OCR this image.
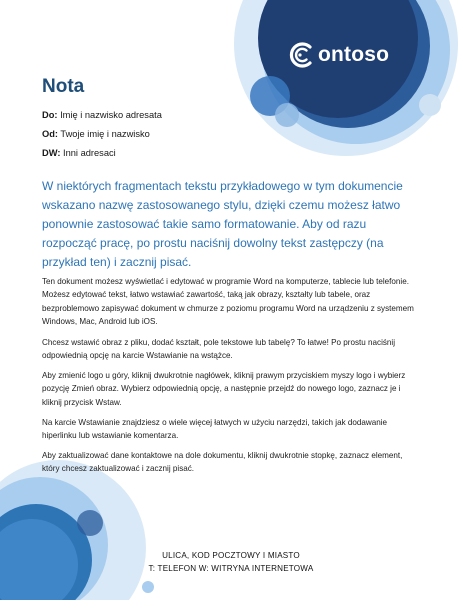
ontoso
Nota
Do: Imię i nazwisko adresata
Od: Twoje imię i nazwisko
DW: Inni adresaci

W niektórych fragmentach tekstu przykładowego w tym dokumencie wskazano nazwę zastosowanego stylu, dzięki czemu możesz łatwo ponownie zastosować takie samo formatowanie. Aby od razu rozpocząć pracę, po prostu naciśnij dowolny tekst zastępczy (na przykład ten) i zacznij pisać.

Ten dokument możesz wyświetlać i edytować w programie Word na komputerze, tablecie lub telefonie. Możesz edytować tekst, łatwo wstawiać zawartość, taką jak obrazy, kształty lub tabele, oraz bezproblemowo zapisywać dokument w chmurze z poziomu programu Word na urządzeniu z systemem Windows, Mac, Android lub iOS.

Chcesz wstawić obraz z pliku, dodać kształt, pole tekstowe lub tabelę? To łatwe! Po prostu naciśnij odpowiednią opcję na karcie Wstawianie na wstążce.

Aby zmienić logo u góry, kliknij dwukrotnie nagłówek, kliknij prawym przyciskiem myszy logo i wybierz pozycję Zmień obraz. Wybierz odpowiednią opcję, a następnie przejdź do nowego logo, zaznacz je i kliknij przycisk Wstaw.

Na karcie Wstawianie znajdziesz o wiele więcej łatwych w użyciu narzędzi, takich jak dodawanie hiperlinku lub wstawianie komentarza.

Aby zaktualizować dane kontaktowe na dole dokumentu, kliknij dwukrotnie stopkę, zaznacz element, który chcesz zaktualizować i zacznij pisać.

ULICA, KOD POCZTOWY I MIASTO
T: TELEFON W: WITRYNA INTERNETOWA
